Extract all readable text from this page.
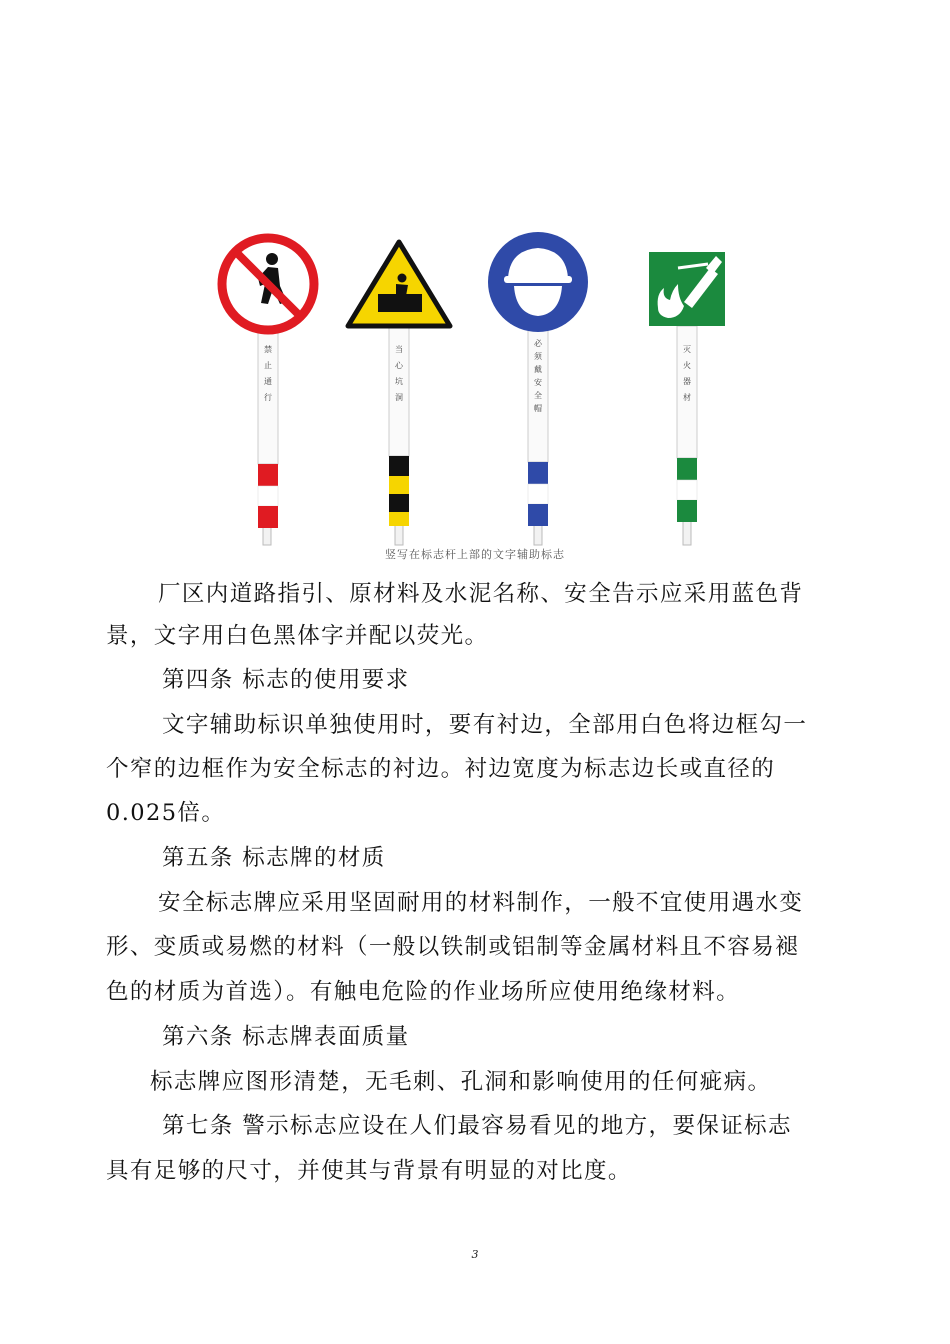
禁
止
通
行
当
心
坑
洞
必
须
戴
安
全
帽
灭
火
器
材
竖写在标志杆上部的文字辅助标志
厂区内道路指引、原材料及水泥名称、安全告示应采用蓝色背
景，文字用白色黑体字并配以荧光。
第四条 标志的使用要求
文字辅助标识单独使用时，要有衬边，全部用白色将边框勾一
个窄的边框作为安全标志的衬边。衬边宽度为标志边长或直径的
0.025倍。
第五条 标志牌的材质
安全标志牌应采用坚固耐用的材料制作，一般不宜使用遇水变
形、变质或易燃的材料（一般以铁制或铝制等金属材料且不容易褪
色的材质为首选）。有触电危险的作业场所应使用绝缘材料。
第六条 标志牌表面质量
标志牌应图形清楚，无毛刺、孔洞和影响使用的任何疵病。
第七条 警示标志应设在人们最容易看见的地方，要保证标志
具有足够的尺寸，并使其与背景有明显的对比度。
3
